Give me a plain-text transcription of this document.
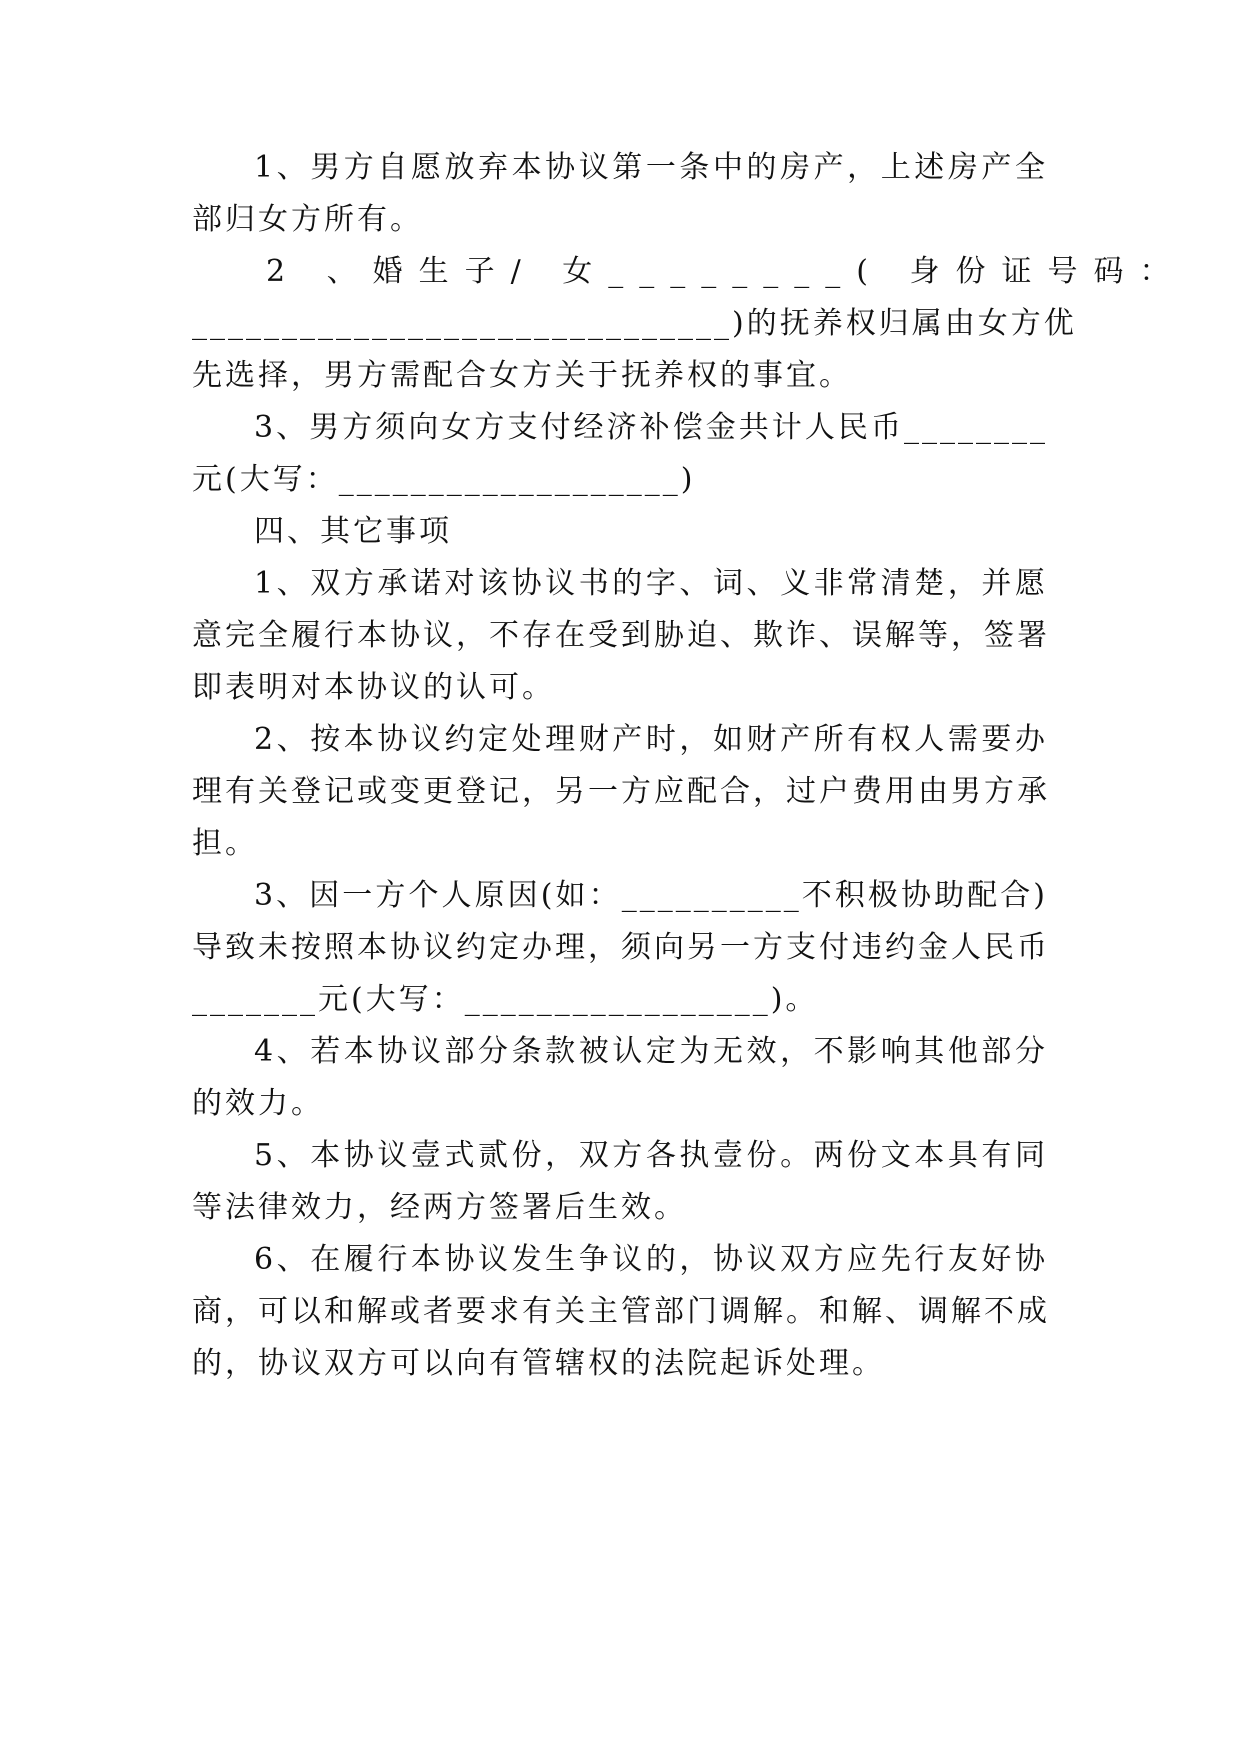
1、男方自愿放弃本协议第一条中的房产，上述房产全
部归女方所有。
2 、婚生子/ 女________( 身份证号码：
______________________________)的抚养权归属由女方优
先选择，男方需配合女方关于抚养权的事宜。
3、男方须向女方支付经济补偿金共计人民币________
元(大写：___________________)
四、其它事项
1、双方承诺对该协议书的字、词、义非常清楚，并愿
意完全履行本协议，不存在受到胁迫、欺诈、误解等，签署
即表明对本协议的认可。
2、按本协议约定处理财产时，如财产所有权人需要办
理有关登记或变更登记，另一方应配合，过户费用由男方承
担。
3、因一方个人原因(如：__________不积极协助配合)
导致未按照本协议约定办理，须向另一方支付违约金人民币
_______元(大写：_________________)。
4、若本协议部分条款被认定为无效，不影响其他部分
的效力。
5、本协议壹式贰份，双方各执壹份。两份文本具有同
等法律效力，经两方签署后生效。
6、在履行本协议发生争议的，协议双方应先行友好协
商，可以和解或者要求有关主管部门调解。和解、调解不成
的，协议双方可以向有管辖权的法院起诉处理。
